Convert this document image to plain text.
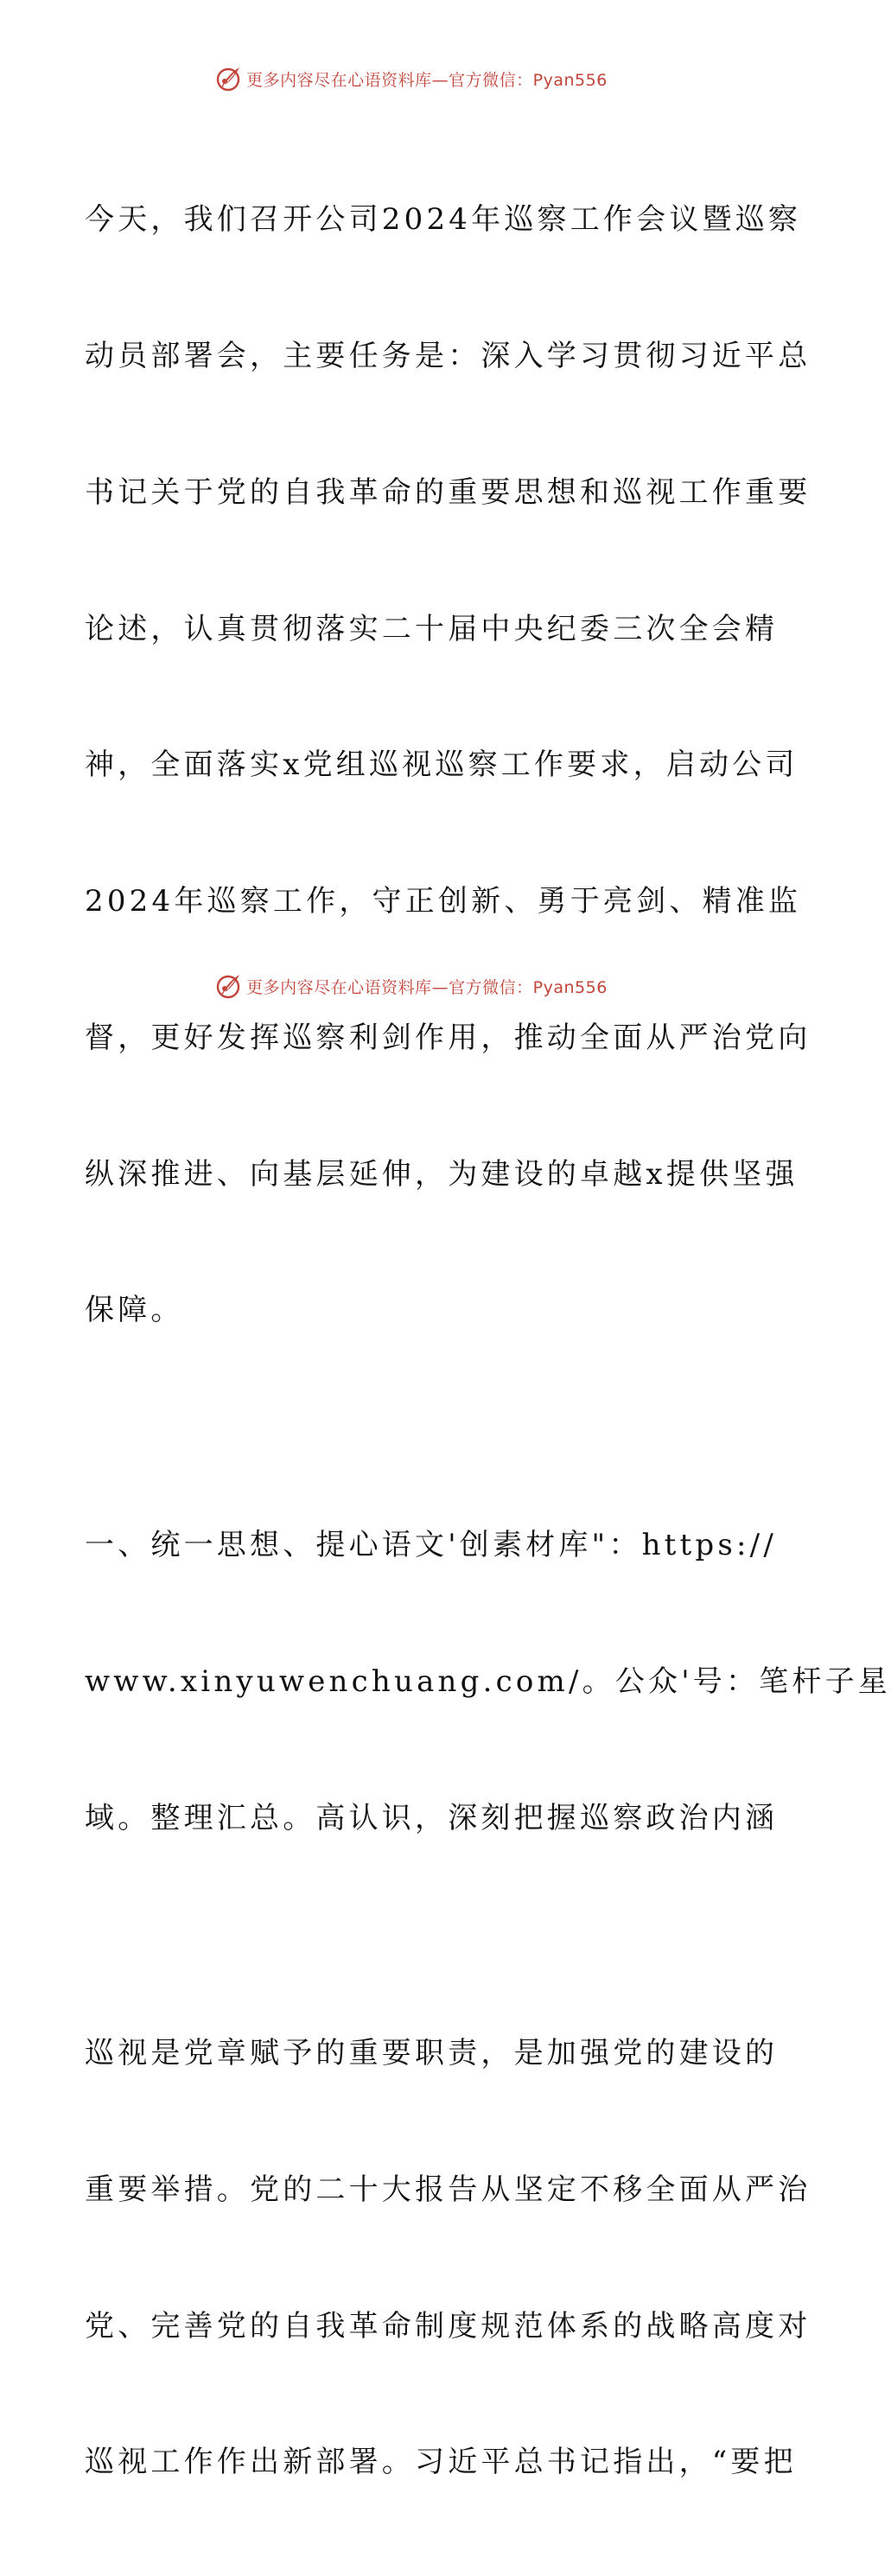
更多内容尽在心语资料库—官方微信：Pyan556

今天，我们召开公司2024年巡察工作会议暨巡察

动员部署会，主要任务是：深入学习贯彻习近平总

书记关于党的自我革命的重要思想和巡视工作重要

论述，认真贯彻落实二十届中央纪委三次全会精

神，全面落实x党组巡视巡察工作要求，启动公司

2024年巡察工作，守正创新、勇于亮剑、精准监

督，更好发挥巡察利剑作用，推动全面从严治党向

纵深推进、向基层延伸，为建设的卓越x提供坚强

保障。

一、统一思想、提心语文'创素材库"：https://

www.xinyuwenchuang.com/。公众'号：笔杆子星

域。整理汇总。高认识，深刻把握巡察政治内涵

巡视是党章赋予的重要职责，是加强党的建设的

重要举措。党的二十大报告从坚定不移全面从严治

党、完善党的自我革命制度规范体系的战略高度对

巡视工作作出新部署。习近平总书记指出，“要把

更多内容尽在心语资料库—官方微信：Pyan556
